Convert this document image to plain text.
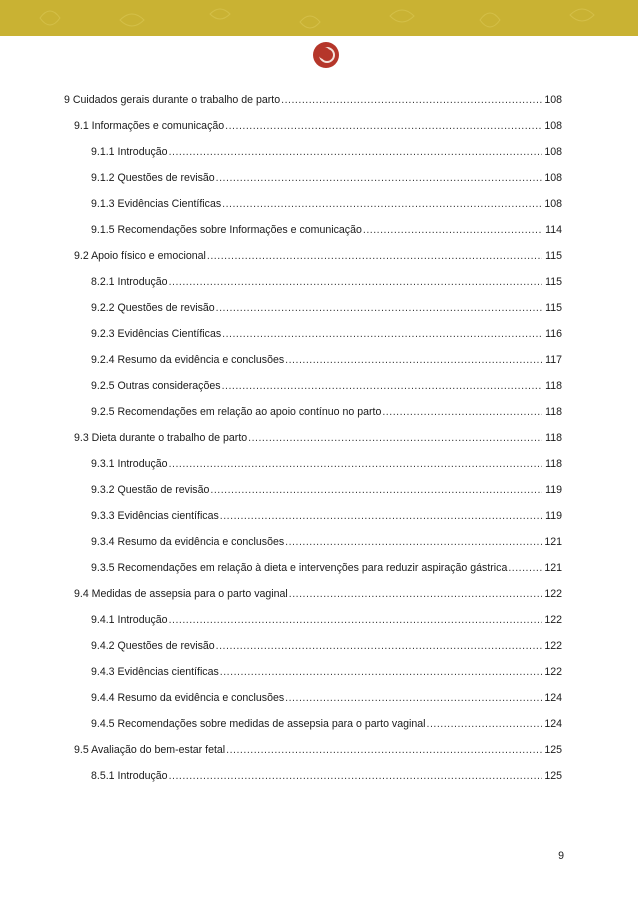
9 Cuidados gerais durante o trabalho de parto .....	108
9.1 Informações e comunicação .....	108
9.1.1 Introdução .....	108
9.1.2 Questões de revisão .....	108
9.1.3 Evidências Científicas .....	108
9.1.5 Recomendações sobre Informações e comunicação .....	114
9.2 Apoio físico e emocional .....	115
8.2.1 Introdução .....	115
9.2.2 Questões de revisão .....	115
9.2.3 Evidências Científicas .....	116
9.2.4 Resumo da evidência e conclusões .....	117
9.2.5 Outras considerações .....	118
9.2.5 Recomendações em relação ao apoio contínuo no parto .....	118
9.3 Dieta durante o trabalho de parto .....	118
9.3.1 Introdução .....	118
9.3.2 Questão de revisão .....	119
9.3.3 Evidências científicas .....	119
9.3.4 Resumo da evidência e conclusões .....	121
9.3.5 Recomendações em relação à dieta e intervenções para reduzir aspiração gástrica .....	121
9.4 Medidas de assepsia para o parto vaginal .....	122
9.4.1 Introdução .....	122
9.4.2 Questões de revisão .....	122
9.4.3 Evidências científicas .....	122
9.4.4 Resumo da evidência e conclusões .....	124
9.4.5 Recomendações sobre medidas de assepsia para o parto vaginal .....	124
9.5 Avaliação do bem-estar fetal .....	125
8.5.1 Introdução .....	125
9
